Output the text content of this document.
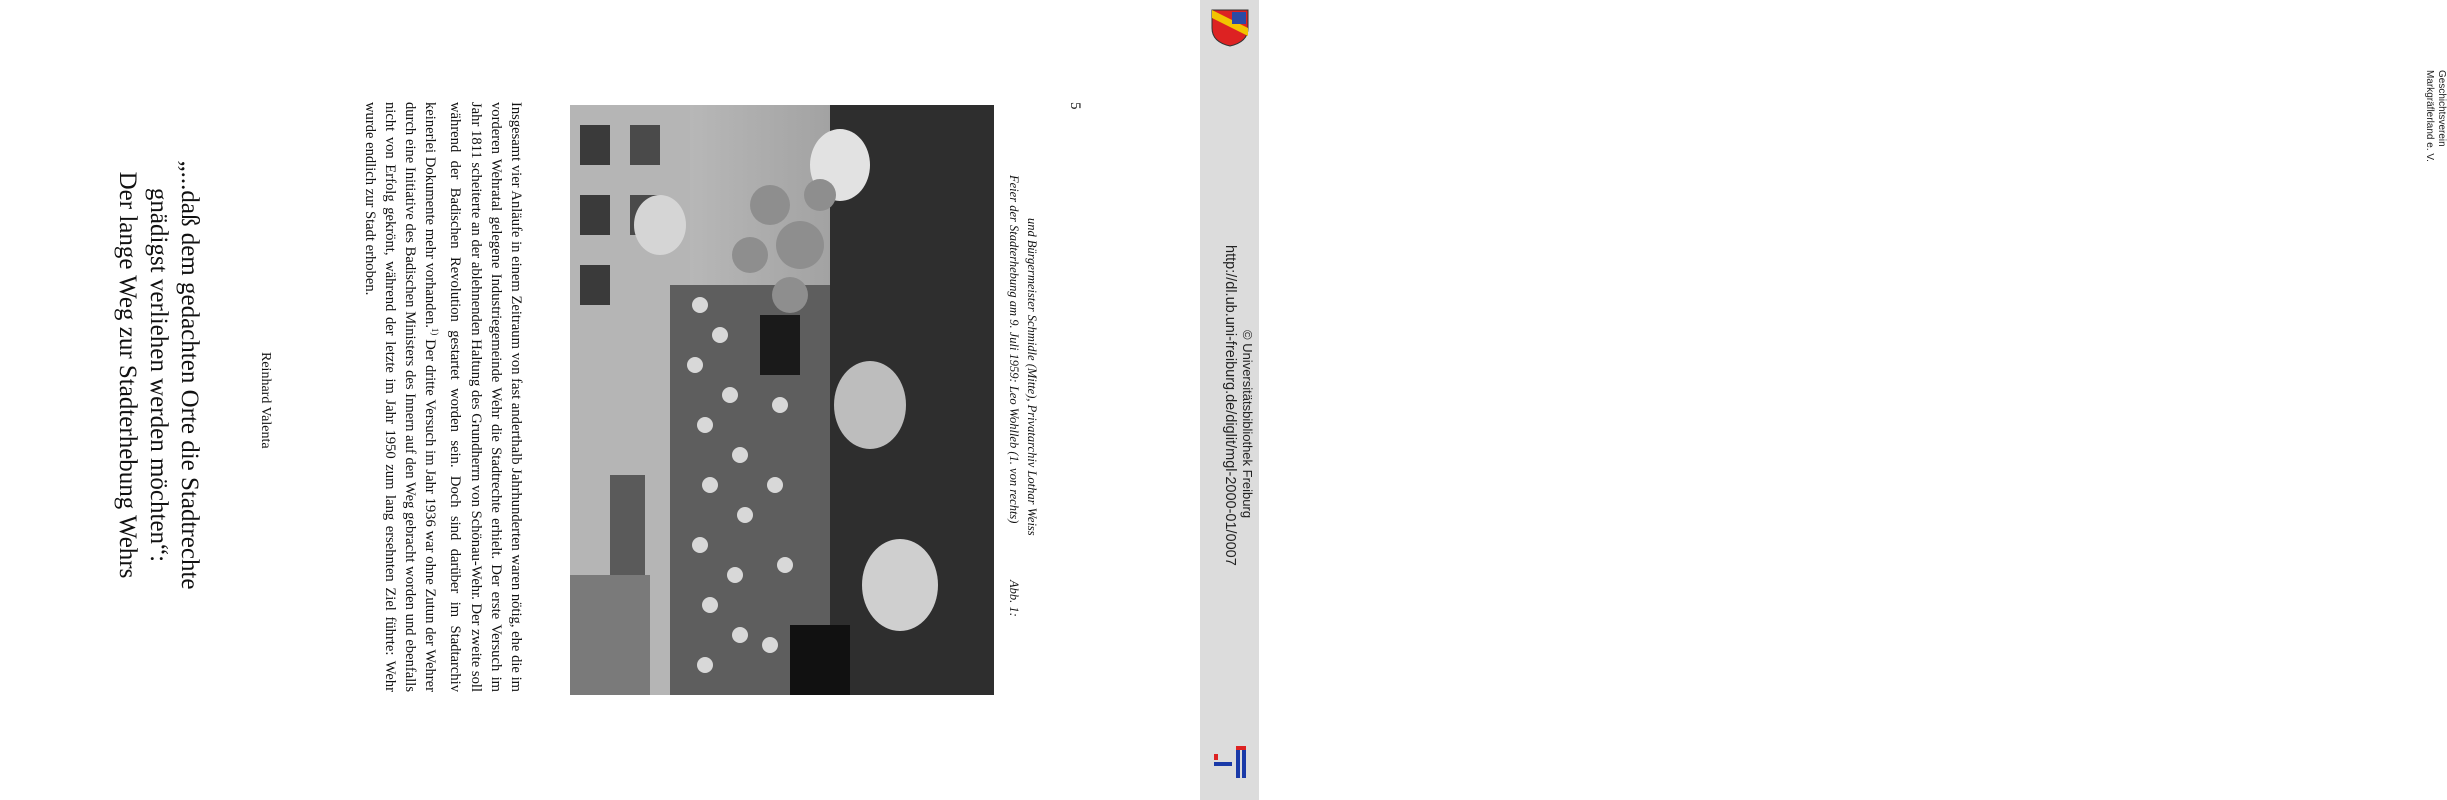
„...daß dem gedachten Orte die Stadtrechte
gnädigst verliehen werden möchten“:
Der lange Weg zur Stadterhebung Wehrs	Reinhard Valenta	Insgesamt vier Anläufe in einem Zeitraum von fast anderthalb Jahrhunderten waren nötig, ehe die im vorderen Wehratal gelegene Industriegemeinde Wehr die Stadtrechte erhielt. Der erste Versuch im Jahr 1811 scheiterte an der ablehnenden Haltung des Grundherrn von Schönau-Wehr. Der zweite soll während der Badischen Revolution gestartet worden sein. Doch sind darüber im Stadtarchiv keinerlei Dokumente mehr vorhanden.$^{1)}$ Der dritte Versuch im Jahr 1936 war ohne Zutun der Wehrer durch eine Initiative des Badischen Ministers des Innern auf den Weg gebracht worden und ebenfalls nicht von Erfolg gekrönt, während der letzte im Jahr 1950 zum lang ersehnten Ziel führte: Wehr wurde endlich zur Stadt erhoben.	Feier der Stadterhebung am 9. Juli 1959: Leo Wohlleb (1. von rechts) und Bürgermeister Schmidle (Mitte), Privatarchiv Lothar Weiss
Abb. 1:
5	Geschichtsverein
Markgräflerland e. V.
http://dl.ub.uni-freiburg.de/diglit/mgl-2000-01/0007 © Universitätsbibliothek Freiburg
